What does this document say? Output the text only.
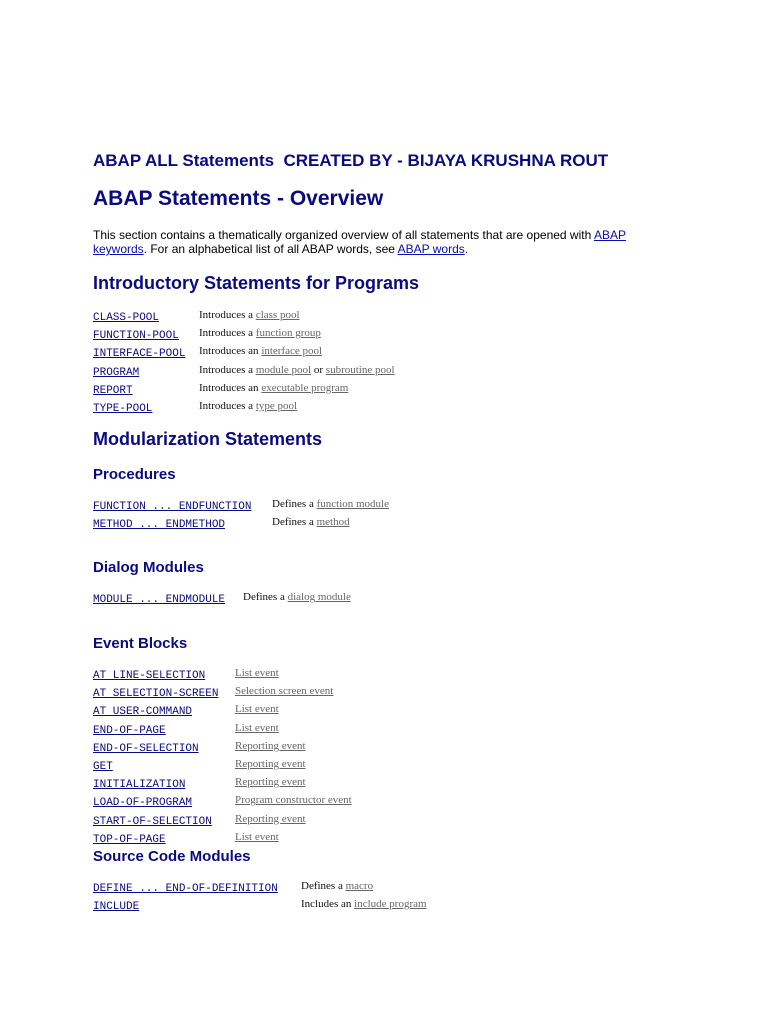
ABAP ALL Statements  CREATED BY - BIJAYA KRUSHNA ROUT
ABAP Statements - Overview

This section contains a thematically organized overview of all statements that are opened with ABAP keywords. For an alphabetical list of all ABAP words, see ABAP words.

Introductory Statements for Programs
CLASS-POOL	Introduces a class pool
FUNCTION-POOL	Introduces a function group
INTERFACE-POOL	Introduces an interface pool
PROGRAM	Introduces a module pool or subroutine pool
REPORT	Introduces an executable program
TYPE-POOL	Introduces a type pool
Modularization Statements
Procedures
FUNCTION ... ENDFUNCTION	Defines a function module
METHOD ... ENDMETHOD	Defines a method
Dialog Modules
MODULE ... ENDMODULE	Defines a dialog module
Event Blocks
AT LINE-SELECTION	List event
AT SELECTION-SCREEN	Selection screen event
AT USER-COMMAND	List event
END-OF-PAGE	List event
END-OF-SELECTION	Reporting event
GET	Reporting event
INITIALIZATION	Reporting event
LOAD-OF-PROGRAM	Program constructor event
START-OF-SELECTION	Reporting event
TOP-OF-PAGE	List event
Source Code Modules
DEFINE ... END-OF-DEFINITION	Defines a macro
INCLUDE	Includes an include program
